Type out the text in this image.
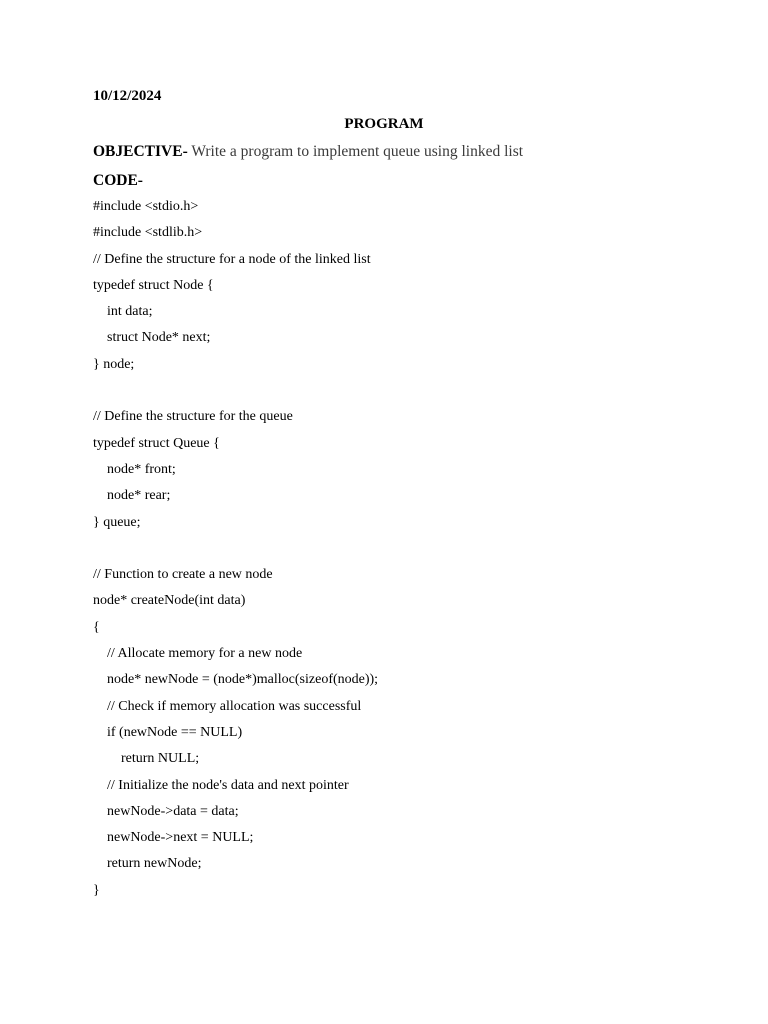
10/12/2024
PROGRAM
OBJECTIVE- Write a program to implement queue using linked list
CODE-
#include <stdio.h>
#include <stdlib.h>
// Define the structure for a node of the linked list
typedef struct Node {
int data;
struct Node* next;
} node;
// Define the structure for the queue
typedef struct Queue {
node* front;
node* rear;
} queue;
// Function to create a new node
node* createNode(int data)
{
// Allocate memory for a new node
node* newNode = (node*)malloc(sizeof(node));
// Check if memory allocation was successful
if (newNode == NULL)
return NULL;
// Initialize the node's data and next pointer
newNode->data = data;
newNode->next = NULL;
return newNode;
}
